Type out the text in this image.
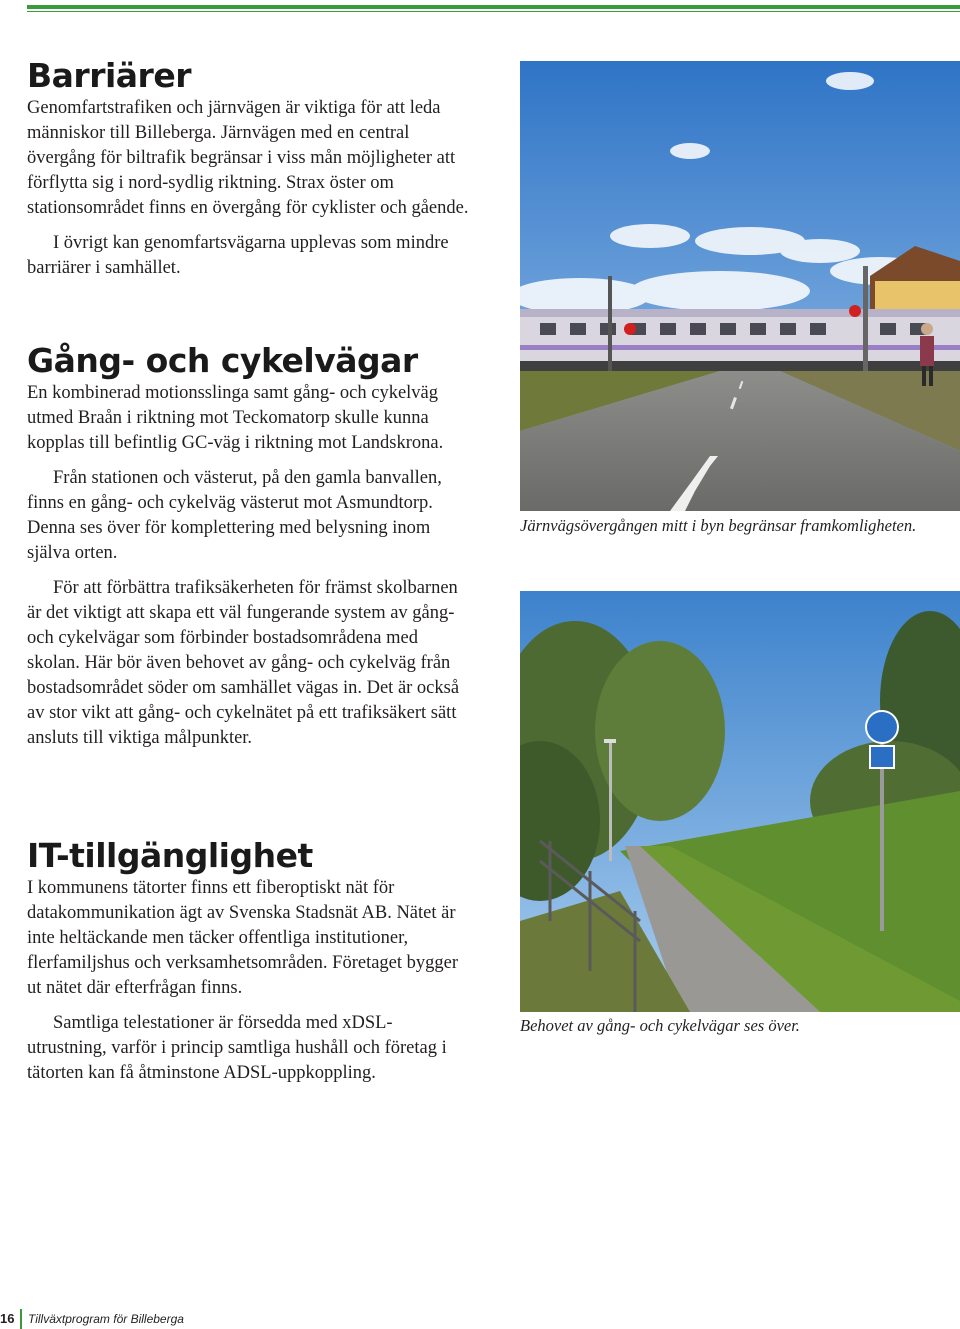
Barriärer

Genomfartstrafiken och järnvägen är viktiga för att leda människor till Billeberga. Järnvägen med en central övergång för biltrafik begränsar i viss mån möjligheter att förflytta sig i nord-sydlig riktning. Strax öster om stationsområdet finns en övergång för cyklister och gående.

I övrigt kan genomfartsvägarna upplevas som mindre barriärer i samhället.

Gång- och cykelvägar

En kombinerad motionsslinga samt gång- och cykelväg utmed Braån i riktning mot Teckomatorp skulle kunna kopplas till befintlig GC-väg i riktning mot Landskrona.

Från stationen och västerut, på den gamla banvallen, finns en gång- och cykelväg västerut mot Asmundtorp. Denna ses över för komplettering med belysning inom själva orten.

För att förbättra trafiksäkerheten för främst skolbarnen är det viktigt att skapa ett väl fungerande system av gång- och cykelvägar som förbinder bostadsområdena med skolan. Här bör även behovet av gång- och cykelväg från bostadsområdet söder om samhället vägas in. Det är också av stor vikt att gång- och cykelnätet på ett trafiksäkert sätt ansluts till viktiga målpunkter.

IT-tillgänglighet

I kommunens tätorter finns ett fiberoptiskt nät för datakommunikation ägt av Svenska Stadsnät AB. Nätet är inte heltäckande men täcker offentliga institutioner, flerfamiljshus och verksamhetsområden. Företaget bygger ut nätet där efterfrågan finns.

Samtliga telestationer är försedda med xDSL-utrustning, varför i princip samtliga hushåll och företag i tätorten kan få åtminstone ADSL-uppkoppling.

Järnvägsövergången mitt i byn begränsar framkomligheten.
Behovet av gång- och cykelvägar ses över.
16 Tillväxtprogram för Billeberga
